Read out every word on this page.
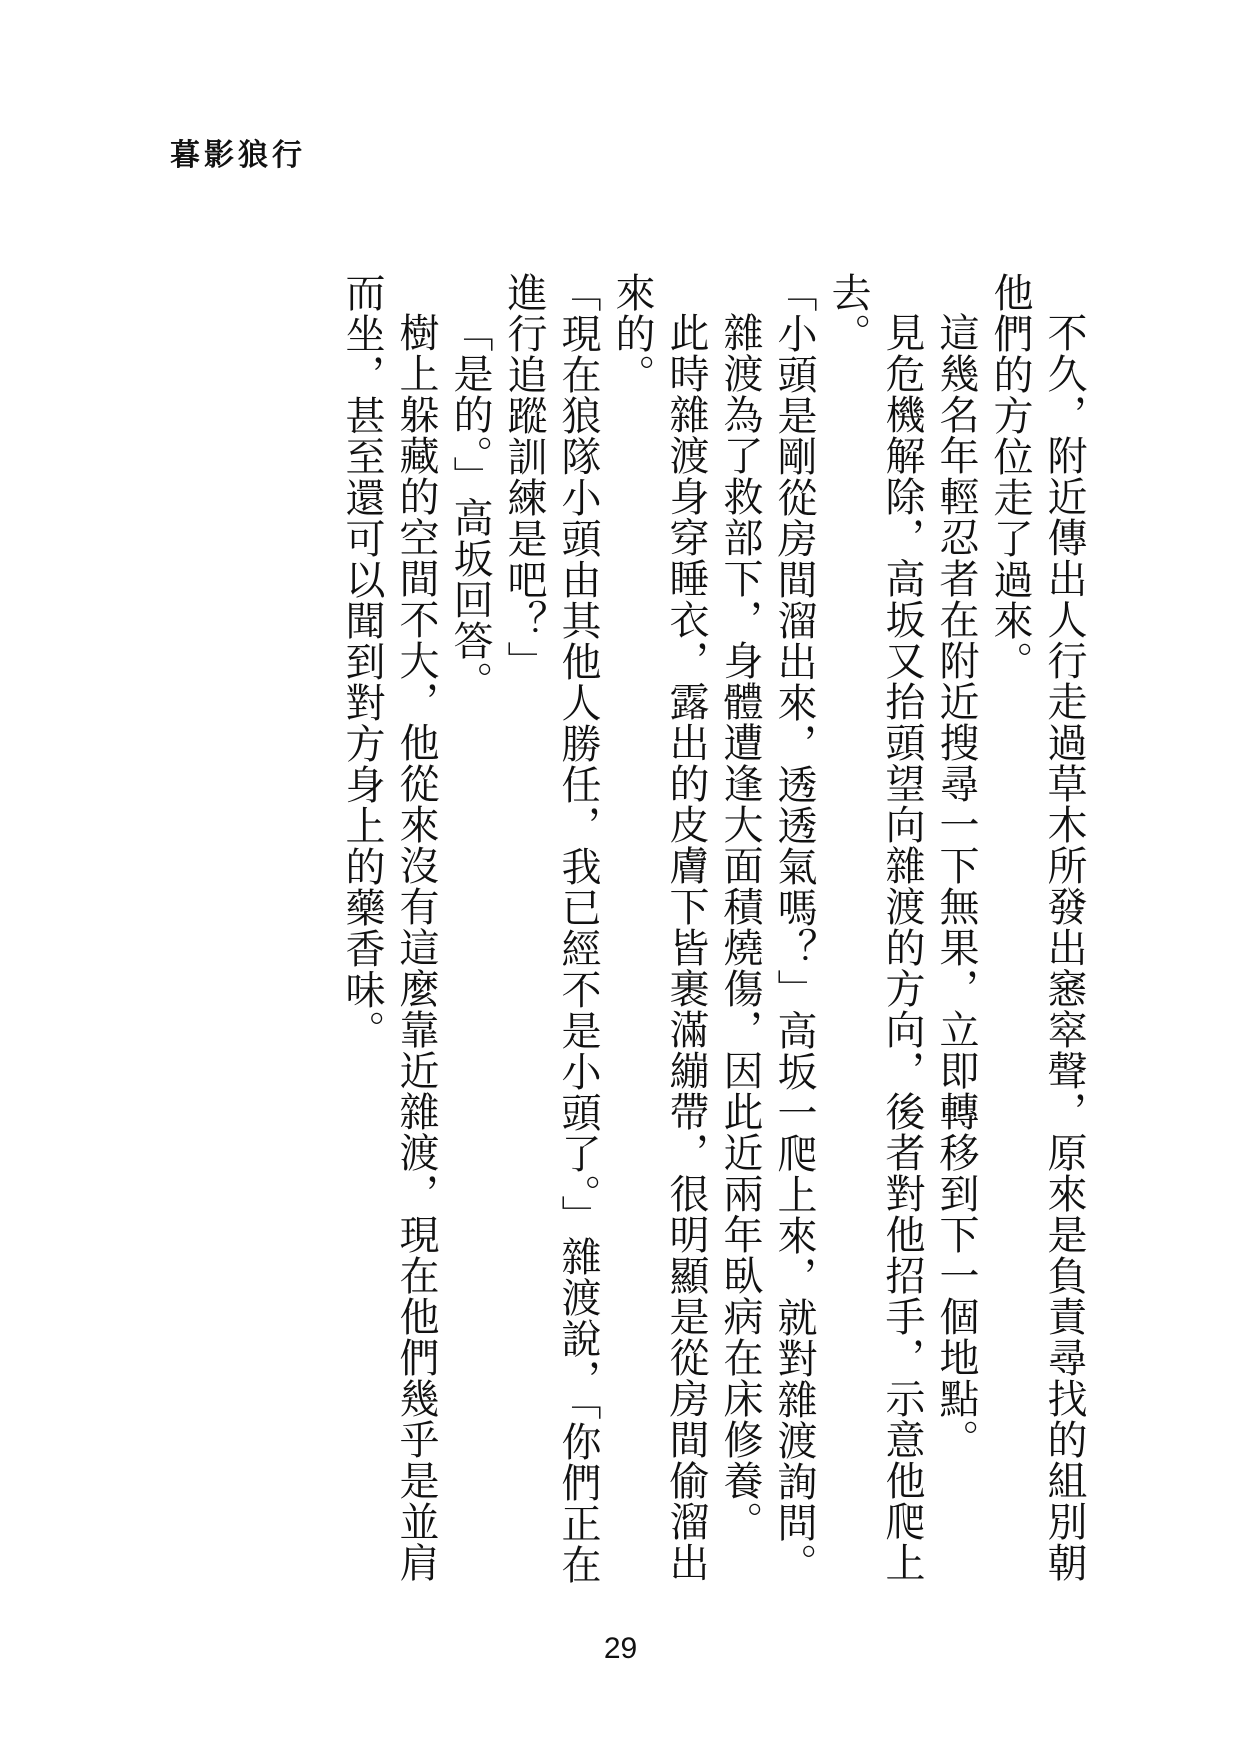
暮影狼行

不久，附近傳出人行走過草木所發出窸窣聲，原來是負責尋找的組別朝他們的方位走了過來。

這幾名年輕忍者在附近搜尋一下無果，立即轉移到下一個地點。

見危機解除，高坂又抬頭望向雜渡的方向，後者對他招手，示意他爬上去。

「小頭是剛從房間溜出來，透透氣嗎？」高坂一爬上來，就對雜渡詢問。

雜渡為了救部下，身體遭逢大面積燒傷，因此近兩年臥病在床修養。

此時雜渡身穿睡衣，露出的皮膚下皆裹滿繃帶，很明顯是從房間偷溜出來的。

「現在狼隊小頭由其他人勝任，我已經不是小頭了。」雜渡說，「你們正在進行追蹤訓練是吧？」

「是的。」高坂回答。

樹上躲藏的空間不大，他從來沒有這麼靠近雜渡，現在他們幾乎是並肩而坐，甚至還可以聞到對方身上的藥香味。

29
